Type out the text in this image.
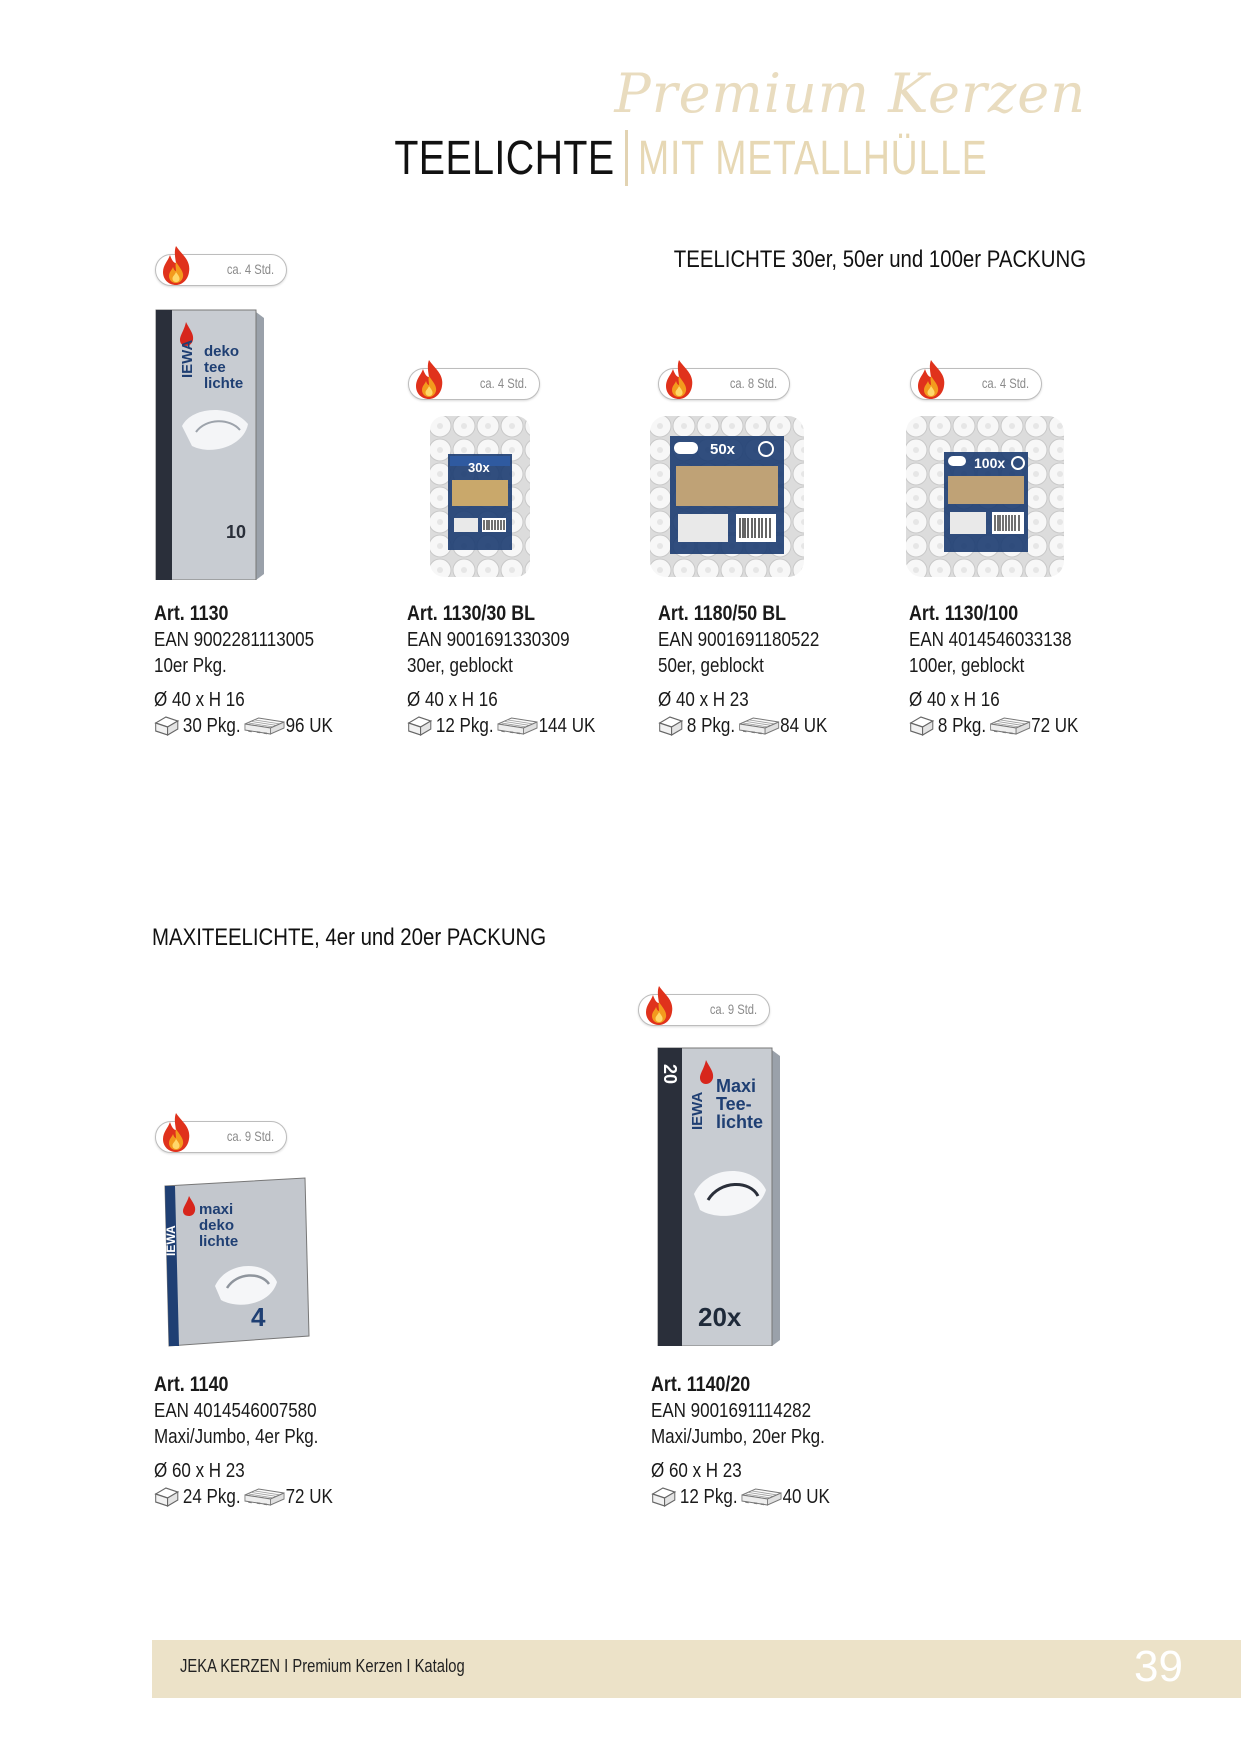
Premium Kerzen
TEELICHTE MIT METALLHÜLLE
TEELICHTE 30er, 50er und 100er PACKUNG
MAXITEELICHTE, 4er und 20er PACKUNG
ca. 4 Std.
ca. 4 Std.	ca. 8 Std.	ca. 4 Std.
ca. 9 Std.
ca. 9 Std.
IEWA deko
tee
lichte
10
30x
50x
100x
IEWA
maxi
deko
lichte
4
20
IEWA
Maxi
Tee-
lichte
20x
Art. 1130
EAN 9002281113005
10er Pkg.
Ø 40 x H 16
30 Pkg. 96 UK
Art. 1130/30 BL
EAN 9001691330309
30er, geblockt
Ø 40 x H 16
12 Pkg. 144 UK
Art. 1180/50 BL
EAN 9001691180522
50er, geblockt
Ø 40 x H 23
8 Pkg. 84 UK
Art. 1130/100
EAN 4014546033138
100er, geblockt
Ø 40 x H 16
8 Pkg. 72 UK
Art. 1140
EAN 4014546007580
Maxi/Jumbo, 4er Pkg.
Ø 60 x H 23
24 Pkg. 72 UK
Art. 1140/20
EAN 9001691114282
Maxi/Jumbo, 20er Pkg.
Ø 60 x H 23
12 Pkg. 40 UK
JEKA KERZEN I Premium Kerzen I Katalog	39
